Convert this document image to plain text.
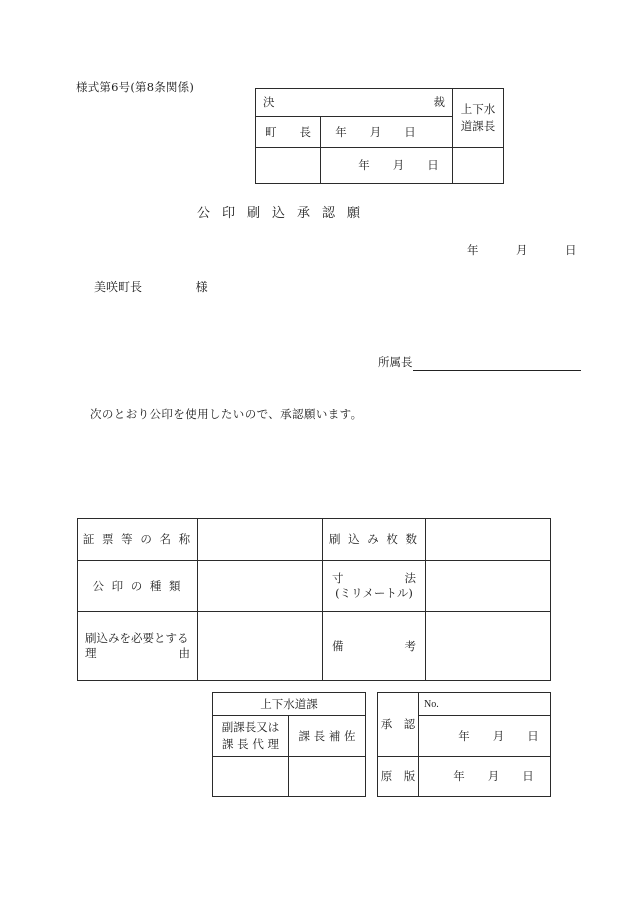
様式第6号(第8条関係)
決 裁		上下水
道課長

町　　長	年　　月　　日	
	年　　月　　日	
公印刷込承認願
年　月　日
美咲町長	様
所属長
次のとおり公印を使用したいので、承認願います。
証 票 等 の 名 称		刷 込 み 枚 数	
公 印 の 種 類		寸 法
(ミリメートル)	

刷込みを必要とする
理 由		備 考	

上下水道課	

副課長又は
課 長 代 理	課 長 補 佐

承　認	No.

	年　　月　　日
原　版	年　　月　　日
